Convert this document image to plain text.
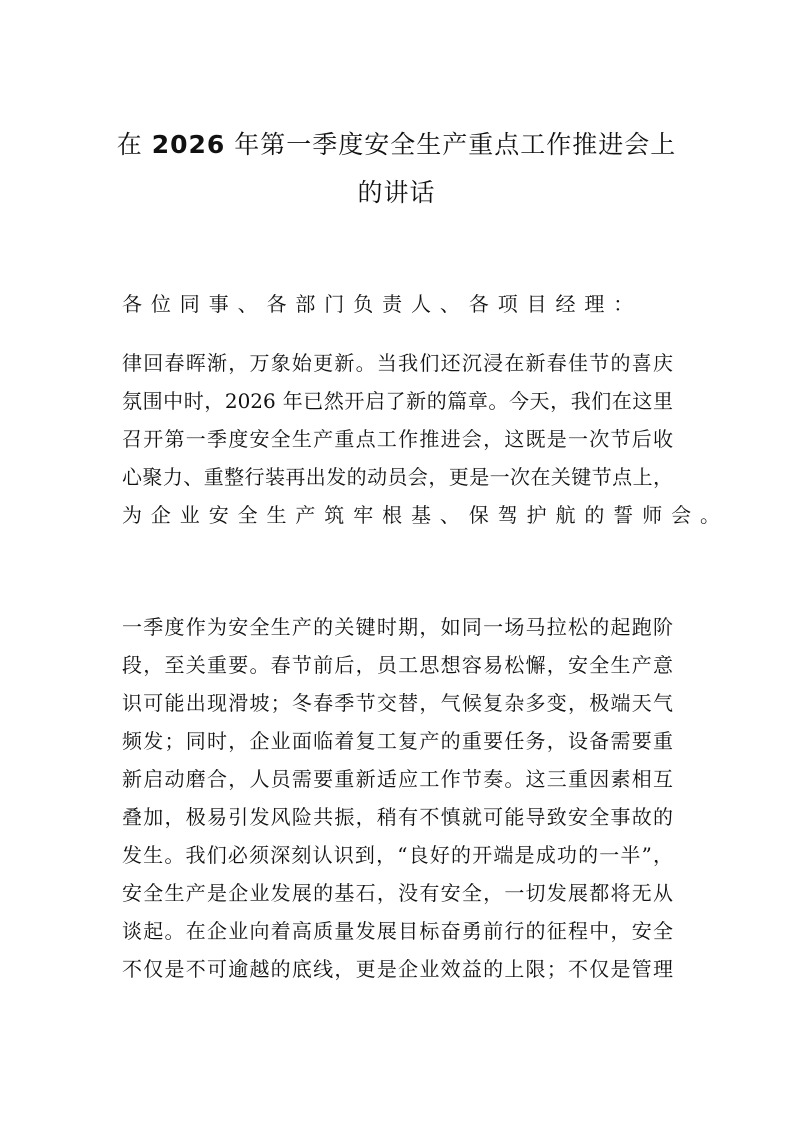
在 2026 年第一季度安全生产重点工作推进会上
的讲话
各位同事、各部门负责人、各项目经理：
律回春晖渐，万象始更新。当我们还沉浸在新春佳节的喜庆
氛围中时，2026 年已然开启了新的篇章。今天，我们在这里
召开第一季度安全生产重点工作推进会，这既是一次节后收
心聚力、重整行装再出发的动员会，更是一次在关键节点上，
为企业安全生产筑牢根基、保驾护航的誓师会。
一季度作为安全生产的关键时期，如同一场马拉松的起跑阶
段，至关重要。春节前后，员工思想容易松懈，安全生产意
识可能出现滑坡；冬春季节交替，气候复杂多变，极端天气
频发；同时，企业面临着复工复产的重要任务，设备需要重
新启动磨合，人员需要重新适应工作节奏。这三重因素相互
叠加，极易引发风险共振，稍有不慎就可能导致安全事故的
发生。我们必须深刻认识到，“良好的开端是成功的一半”，
安全生产是企业发展的基石，没有安全，一切发展都将无从
谈起。在企业向着高质量发展目标奋勇前行的征程中，安全
不仅是不可逾越的底线，更是企业效益的上限；不仅是管理
